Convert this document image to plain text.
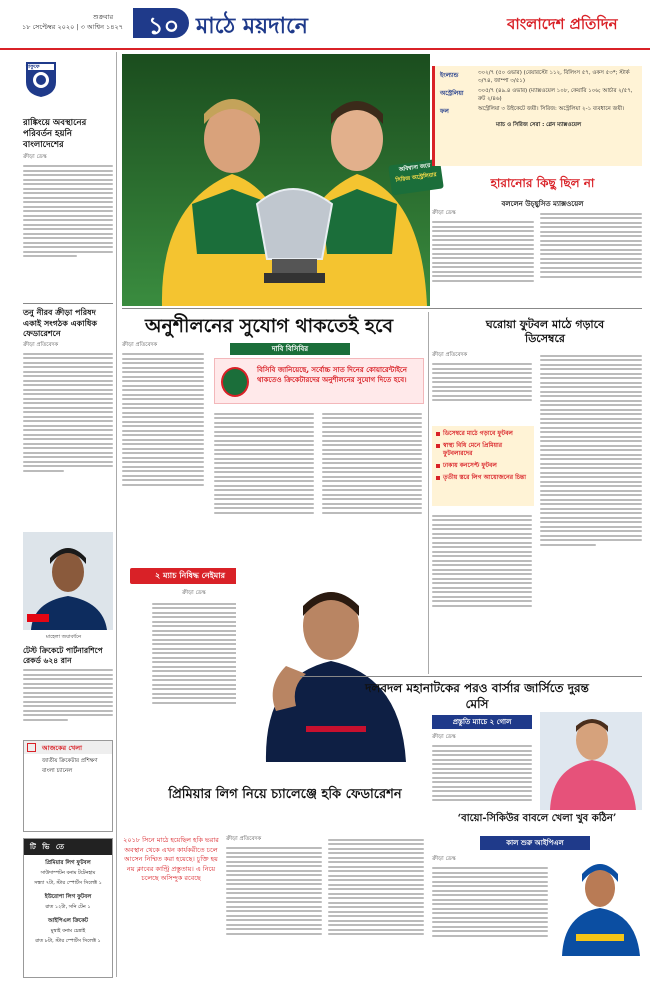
শুক্রবার
১৮ সেপ্টেম্বর ২০২০ | ৩ আশ্বিন ১৪২৭ ১০ মাঠে ময়দানে	বাংলাদেশ প্রতিদিন
বাফুফে
রাঙ্কিংয়ে অবস্থানের পরিবর্তন হয়নি বাংলাদেশের
ক্রীড়া ডেস্ক
তনু নীরব ক্রীড়া পরিষদ একাই সংগঠক একাধিক ফেডারেশনে
ক্রীড়া প্রতিবেদক
মাহেলা জয়াবর্ধনে
টেস্ট ক্রিকেটে পার্টনারশিপে রেকর্ড ৬২৪ রান
আজকের খেলা
জাতীয় ক্রিকেটার প্রশিক্ষণ
বাংলা চ্যানেল
টি ভি তে
প্রিমিয়ার লিগ ফুটবল
সাউদাম্পটন বনাম টটেনহাম
সন্ধ্যা ৭টা, স্টার স্পোর্টস সিলেক্ট ১
ইউরোপা লিগ ফুটবল
রাত ১২টা, সনি টেন ১
আইপিএল ক্রিকেট
মুম্বাই বনাম চেন্নাই
রাত ৮টা, স্টার স্পোর্টস সিলেক্ট ১
অবিশ্বাস্য জয়ে
সিরিজ অস্ট্রেলিয়ার
ইংল্যান্ড	৩০২/৭ (৫০ ওভার) (বেয়ারস্টো ১১২, বিলিংস ৫৭, ওকস ৫৩*; স্টার্ক ৩/৭৪, জাম্পা ৩/৫১)
অস্ট্রেলিয়া	৩০৫/৭ (৪৯.৪ ওভার) (ম্যাক্সওয়েল ১০৮, কেয়ারি ১০৬; আর্চার ২/৫৭, রুট ২/৪৬)
ফল	অস্ট্রেলিয়া ৩ উইকেটে জয়ী। সিরিজ: অস্ট্রেলিয়া ২-১ ব্যবধানে জয়ী।
ম্যাচ ও সিরিজ সেরা : গ্লেন ম্যাক্সওয়েল
হারানোর কিছু ছিল না
বললেন উচ্ছ্বসিত ম্যাক্সওয়েল
ক্রীড়া ডেস্ক
অনুশীলনের সুযোগ থাকতেই হবে
ক্রীড়া প্রতিবেদক	দাবি বিসিবির
বিসিবি জানিয়েছে, সর্বোচ্চ সাত দিনের কোয়ারেন্টাইনে থাকতেও ক্রিকেটারদের অনুশীলনের সুযোগ দিতে হবে।
ঘরোয়া ফুটবল মাঠে গড়াবে ডিসেম্বরে
ক্রীড়া প্রতিবেদক
ডিসেম্বরে মাঠে গড়াবে ফুটবল
স্বাস্থ্য বিধি মেনে প্রিমিয়ার ফুটবলারদের
ঢাকায় কনসেপ্ট ফুটবল
তৃতীয় স্তরে লিগ আয়োজনের চিন্তা
২ ম্যাচ নিষিদ্ধ নেইমার
ক্রীড়া ডেস্ক
দলবদল মহানাটকের পরও বার্সার জার্সিতে দুরন্ত মেসি
প্রস্তুতি ম্যাচে ২ গোল
ক্রীড়া ডেস্ক
‘বায়ো-সিকিউর বাবলে খেলা খুব কঠিন’
প্রিমিয়ার লিগ নিয়ে চ্যালেঞ্জে হকি ফেডারেশন
২০১৮ সিনে মাঠে হয়েছিল হকি ভরার অবস্থান থেকে এখন কার্যকরীতে চলে আসেন নিম্মিত করা হয়েছে। চুক্তি হয় নয় ক্লাবের কান্ট্রি প্রস্তুতায়। এ নিয়ে চলেছে অসিন্দুক রবেছে
ক্রীড়া প্রতিবেদক	কাল শুরু আইপিএল
ক্রীড়া ডেস্ক
